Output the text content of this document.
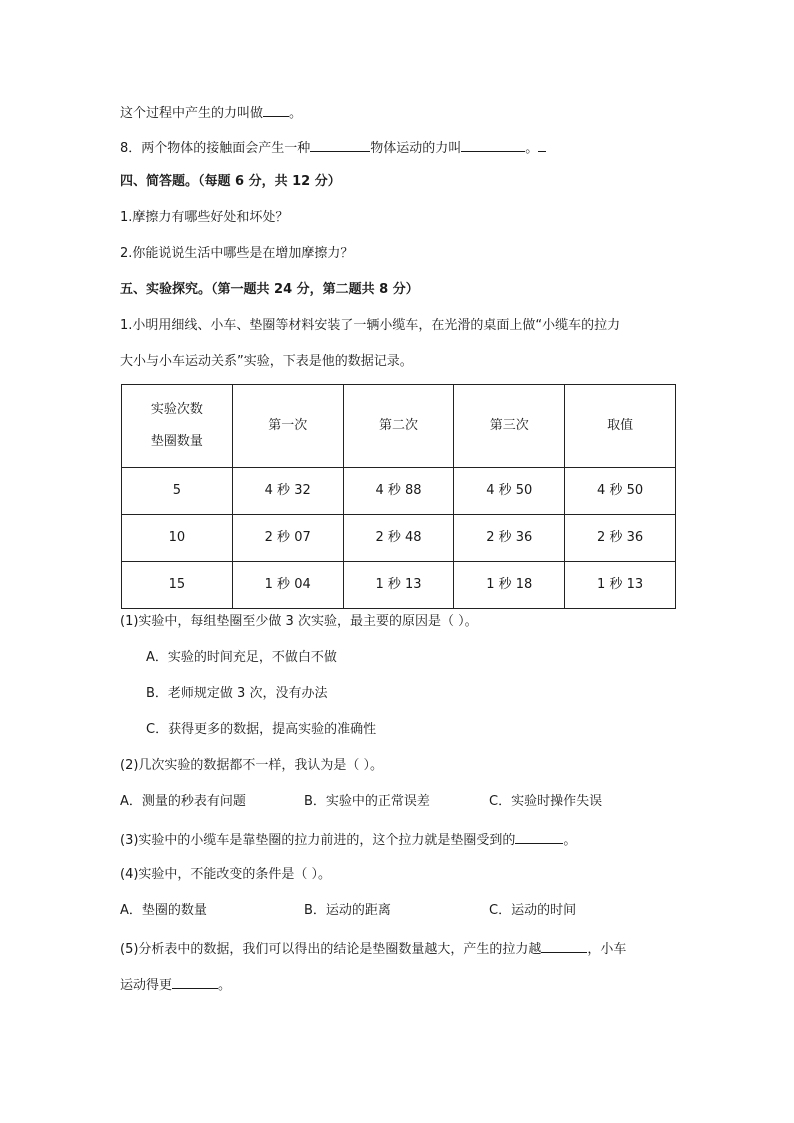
这个过程中产生的力叫做 。
8．两个物体的接触面会产生一种	物体运动的力叫	。
四、简答题。（每题 6 分，共 12 分）
1.摩擦力有哪些好处和坏处？
2.你能说说生活中哪些是在增加摩擦力？
五、实验探究。（第一题共 24 分，第二题共 8 分）
1.小明用细线、小车、垫圈等材料安装了一辆小缆车，在光滑的桌面上做“小缆车的拉力
大小与小车运动关系”实验，下表是他的数据记录。
实验次数
垫圈数量	第一次	第二次	第三次	取值
5	4 秒 32	4 秒 88	4 秒 50	4 秒 50
10	2 秒 07	2 秒 48	2 秒 36	2 秒 36
15	1 秒 04	1 秒 13	1 秒 18	1 秒 13
(1)实验中，每组垫圈至少做 3 次实验，最主要的原因是（ ）。
A．实验的时间充足，不做白不做
B．老师规定做 3 次，没有办法
C．获得更多的数据，提高实验的准确性
(2)几次实验的数据都不一样，我认为是（ ）。
A．测量的秒表有问题	B．实验中的正常误差	C．实验时操作失误
(3)实验中的小缆车是靠垫圈的拉力前进的，这个拉力就是垫圈受到的	。
(4)实验中，不能改变的条件是（ ）。
A．垫圈的数量	B．运动的距离	C．运动的时间
(5)分析表中的数据，我们可以得出的结论是垫圈数量越大，产生的拉力越	，小车
运动得更	。
